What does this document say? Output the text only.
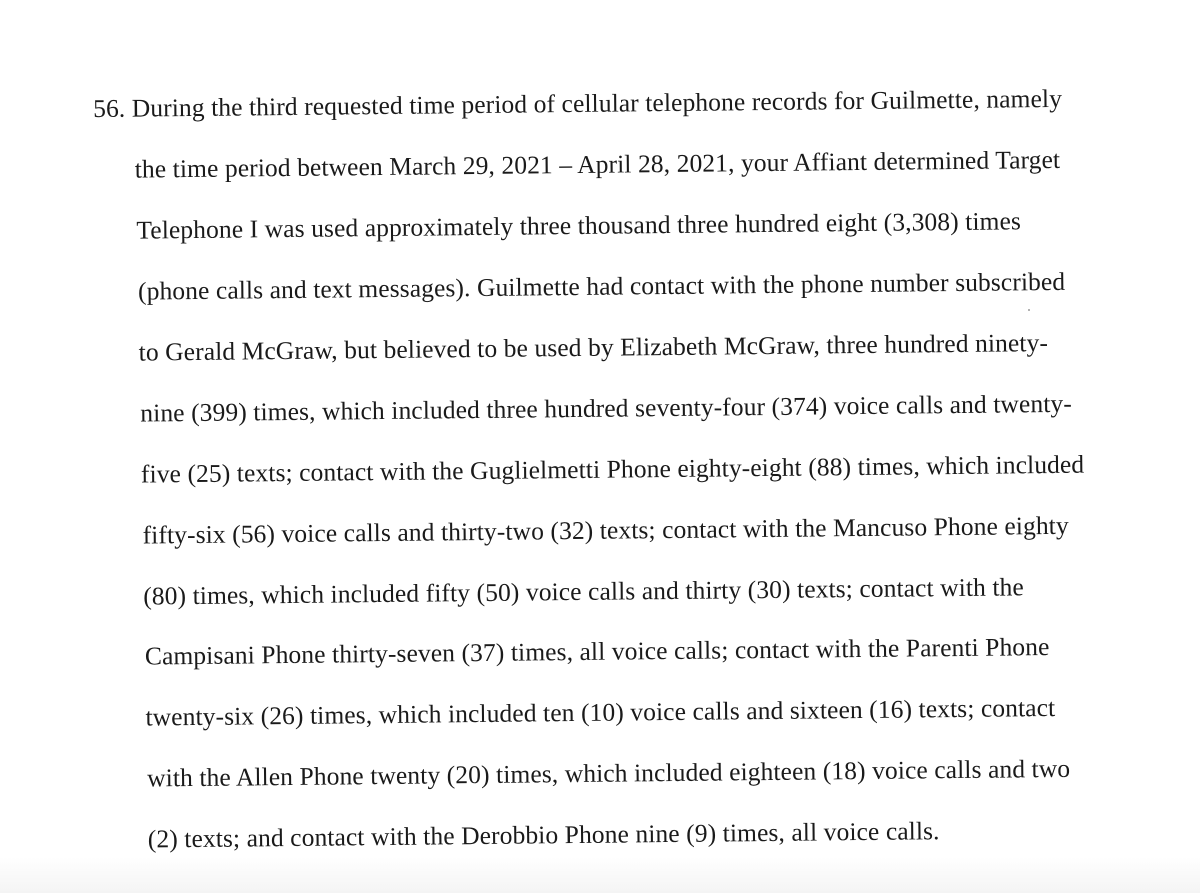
56. During the third requested time period of cellular telephone records for Guilmette, namely
the time period between March 29, 2021 – April 28, 2021, your Affiant determined Target
Telephone I was used approximately three thousand three hundred eight (3,308) times
(phone calls and text messages). Guilmette had contact with the phone number subscribed
to Gerald McGraw, but believed to be used by Elizabeth McGraw, three hundred ninety-
nine (399) times, which included three hundred seventy-four (374) voice calls and twenty-
five (25) texts; contact with the Guglielmetti Phone eighty-eight (88) times, which included
fifty-six (56) voice calls and thirty-two (32) texts; contact with the Mancuso Phone eighty
(80) times, which included fifty (50) voice calls and thirty (30) texts; contact with the
Campisani Phone thirty-seven (37) times, all voice calls; contact with the Parenti Phone
twenty-six (26) times, which included ten (10) voice calls and sixteen (16) texts; contact
with the Allen Phone twenty (20) times, which included eighteen (18) voice calls and two
(2) texts; and contact with the Derobbio Phone nine (9) times, all voice calls.
